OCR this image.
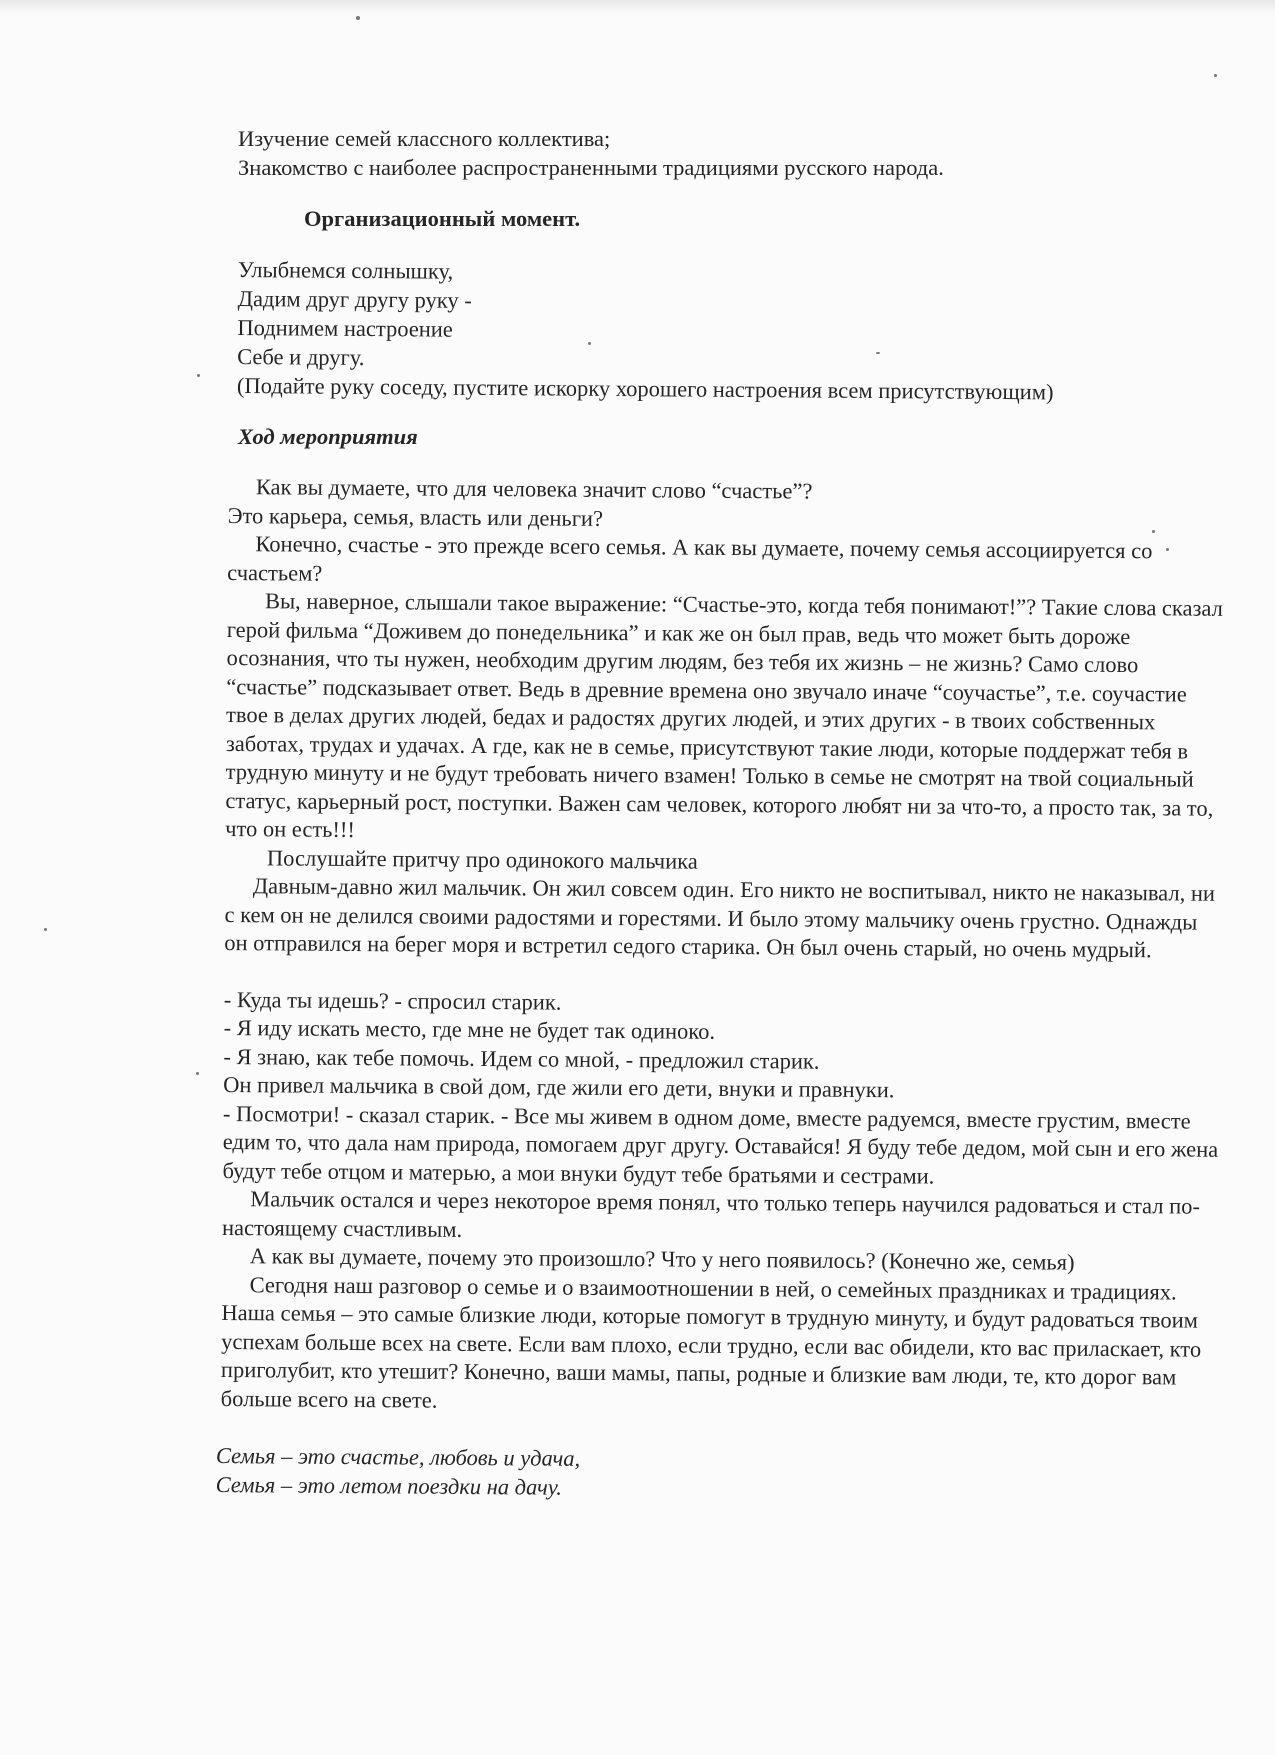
Изучение семей классного коллектива;

Знакомство с наиболее распространенными традициями русского народа.

Организационный момент.

Улыбнемся солнышку,

Дадим друг другу руку -

Поднимем настроение

Себе и другу.

(Подайте руку соседу, пустите искорку хорошего настроения всем присутствующим)

Ход мероприятия

Как вы думаете, что для человека значит слово “счастье”?

Это карьера, семья, власть или деньги?

Конечно, счастье - это прежде всего семья. А как вы думаете, почему семья ассоциируется со счастьем?

Вы, наверное, слышали такое выражение: “Счастье-это, когда тебя понимают!”? Такие слова сказал герой фильма “Доживем до понедельника” и как же он был прав, ведь что может быть дороже осознания, что ты нужен, необходим другим людям, без тебя их жизнь – не жизнь? Само слово “счастье” подсказывает ответ. Ведь в древние времена оно звучало иначе “соучастье”, т.е. соучастие твое в делах других людей, бедах и радостях других людей, и этих других - в твоих собственных заботах, трудах и удачах. А где, как не в семье, присутствуют такие люди, которые поддержат тебя в трудную минуту и не будут требовать ничего взамен! Только в семье не смотрят на твой социальный статус, карьерный рост, поступки. Важен сам человек, которого любят ни за что-то, а просто так, за то, что он есть!!!

Послушайте притчу про одинокого мальчика

Давным-давно жил мальчик. Он жил совсем один. Его никто не воспитывал, никто не наказывал, ни с кем он не делился своими радостями и горестями. И было этому мальчику очень грустно. Однажды он отправился на берег моря и встретил седого старика. Он был очень старый, но очень мудрый.

- Куда ты идешь? - спросил старик.

- Я иду искать место, где мне не будет так одиноко.

- Я знаю, как тебе помочь. Идем со мной, - предложил старик.

Он привел мальчика в свой дом, где жили его дети, внуки и правнуки.

- Посмотри! - сказал старик. - Все мы живем в одном доме, вместе радуемся, вместе грустим, вместе едим то, что дала нам природа, помогаем друг другу. Оставайся! Я буду тебе дедом, мой сын и его жена будут тебе отцом и матерью, а мои внуки будут тебе братьями и сестрами.

Мальчик остался и через некоторое время понял, что только теперь научился радоваться и стал по-настоящему счастливым.

А как вы думаете, почему это произошло? Что у него появилось? (Конечно же, семья)

Сегодня наш разговор о семье и о взаимоотношении в ней, о семейных праздниках и традициях. Наша семья – это самые близкие люди, которые помогут в трудную минуту, и будут радоваться твоим успехам больше всех на свете. Если вам плохо, если трудно, если вас обидели, кто вас приласкает, кто приголубит, кто утешит? Конечно, ваши мамы, папы, родные и близкие вам люди, те, кто дорог вам больше всего на свете.

Семья – это счастье, любовь и удача,

Семья – это летом поездки на дачу.
